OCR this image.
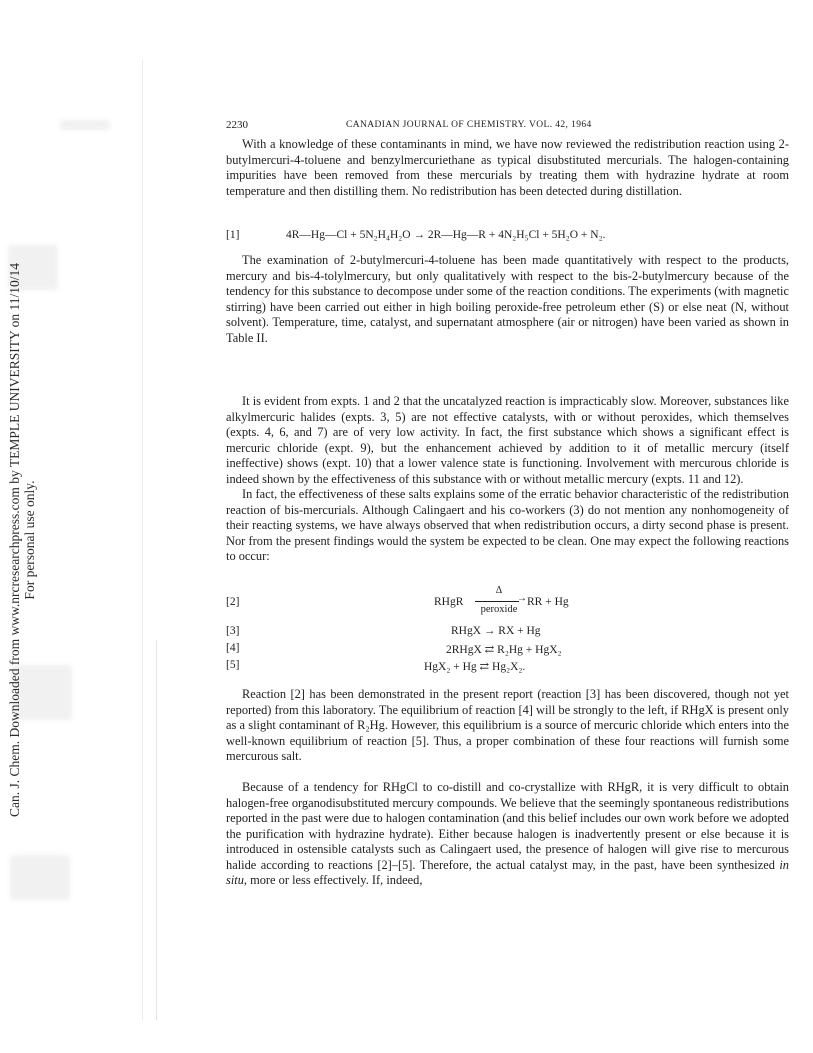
Can. J. Chem. Downloaded from www.nrcresearchpress.com by TEMPLE UNIVERSITY on 11/10/14 For personal use only.
2230	CANADIAN JOURNAL OF CHEMISTRY. VOL. 42, 1964

With a knowledge of these contaminants in mind, we have now reviewed the redistribution reaction using 2-butylmercuri-4-toluene and benzylmercuriethane as typical disubstituted mercurials. The halogen-containing impurities have been removed from these mercurials by treating them with hydrazine hydrate at room temperature and then distilling them. No redistribution has been detected during distillation.

[1]	4R—Hg—Cl + 5N₂H₄H₂O → 2R—Hg—R + 4N₂H₅Cl + 5H₂O + N₂.

The examination of 2-butylmercuri-4-toluene has been made quantitatively with respect to the products, mercury and bis-4-tolylmercury, but only qualitatively with respect to the bis-2-butylmercury because of the tendency for this substance to decompose under some of the reaction conditions. The experiments (with magnetic stirring) have been carried out either in high boiling peroxide-free petroleum ether (S) or else neat (N, without solvent). Temperature, time, catalyst, and supernatant atmosphere (air or nitrogen) have been varied as shown in Table II.

It is evident from expts. 1 and 2 that the uncatalyzed reaction is impracticably slow. Moreover, substances like alkylmercuric halides (expts. 3, 5) are not effective catalysts, with or without peroxides, which themselves (expts. 4, 6, and 7) are of very low activity. In fact, the first substance which shows a significant effect is mercuric chloride (expt. 9), but the enhancement achieved by addition to it of metallic mercury (itself ineffective) shows (expt. 10) that a lower valence state is functioning. Involvement with mercurous chloride is indeed shown by the effectiveness of this substance with or without metallic mercury (expts. 11 and 12).

In fact, the effectiveness of these salts explains some of the erratic behavior characteristic of the redistribution reaction of bis-mercurials. Although Calingaert and his co-workers (3) do not mention any nonhomogeneity of their reacting systems, we have always observed that when redistribution occurs, a dirty second phase is present. Nor from the present findings would the system be expected to be clean. One may expect the following reactions to occur:

[2]	RHgR
Δ
→
peroxide
RR + Hg
[3]	RHgX → RX + Hg
[4]	2RHgX ⇄ R₂Hg + HgX₂
[5]	HgX₂ + Hg ⇄ Hg₂X₂.

Reaction [2] has been demonstrated in the present report (reaction [3] has been discovered, though not yet reported) from this laboratory. The equilibrium of reaction [4] will be strongly to the left, if RHgX is present only as a slight contaminant of R₂Hg. However, this equilibrium is a source of mercuric chloride which enters into the well-known equilibrium of reaction [5]. Thus, a proper combination of these four reactions will furnish some mercurous salt.

Because of a tendency for RHgCl to co-distill and co-crystallize with RHgR, it is very difficult to obtain halogen-free organodisubstituted mercury compounds. We believe that the seemingly spontaneous redistributions reported in the past were due to halogen contamination (and this belief includes our own work before we adopted the purification with hydrazine hydrate). Either because halogen is inadvertently present or else because it is introduced in ostensible catalysts such as Calingaert used, the presence of halogen will give rise to mercurous halide according to reactions [2]–[5]. Therefore, the actual catalyst may, in the past, have been synthesized in situ, more or less effectively. If, indeed,
